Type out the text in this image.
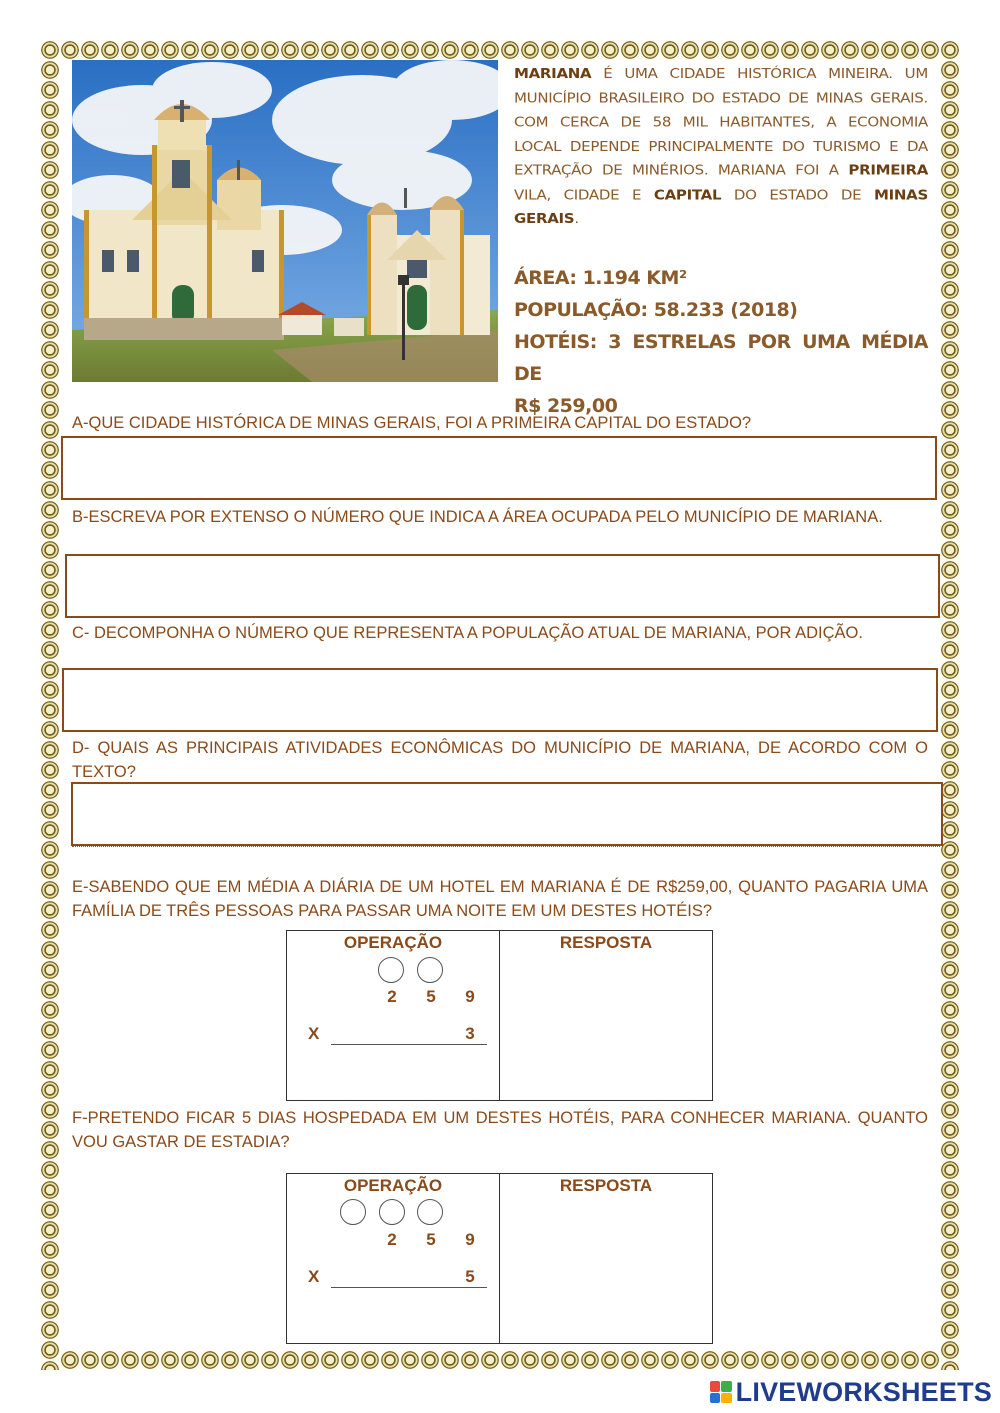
MARIANA É UMA CIDADE HISTÓRICA MINEIRA. UM MUNICÍPIO BRASILEIRO DO ESTADO DE MINAS GERAIS. COM CERCA DE 58 MIL HABITANTES, A ECONOMIA LOCAL DEPENDE PRINCIPALMENTE DO TURISMO E DA EXTRAÇÃO DE MINÉRIOS. MARIANA FOI A PRIMEIRA VILA, CIDADE E CAPITAL DO ESTADO DE MINAS GERAIS.
ÁREA: 1.194 KM²
POPULAÇÃO: 58.233 (2018)
HOTÉIS: 3 ESTRELAS POR UMA MÉDIA DE
R$ 259,00
A-QUE CIDADE HISTÓRICA DE MINAS GERAIS, FOI A PRIMEIRA CAPITAL DO ESTADO?
B-ESCREVA POR EXTENSO O NÚMERO QUE INDICA A ÁREA OCUPADA PELO MUNICÍPIO DE MARIANA.
C- DECOMPONHA O NÚMERO QUE REPRESENTA A POPULAÇÃO ATUAL DE MARIANA, POR ADIÇÃO.
D- QUAIS AS PRINCIPAIS ATIVIDADES ECONÔMICAS DO MUNICÍPIO DE MARIANA, DE ACORDO COM O TEXTO?
E-SABENDO QUE EM MÉDIA A DIÁRIA DE UM HOTEL EM MARIANA É DE R$259,00, QUANTO PAGARIA UMA FAMÍLIA DE TRÊS PESSOAS PARA PASSAR UMA NOITE EM UM DESTES HOTÉIS?
OPERAÇÃO
2	5	9
X	3
RESPOSTA
F-PRETENDO FICAR 5 DIAS HOSPEDADA EM UM DESTES HOTÉIS, PARA CONHECER MARIANA. QUANTO VOU GASTAR DE ESTADIA?
OPERAÇÃO
2	5	9
X	5
RESPOSTA
LIVEWORKSHEETS
